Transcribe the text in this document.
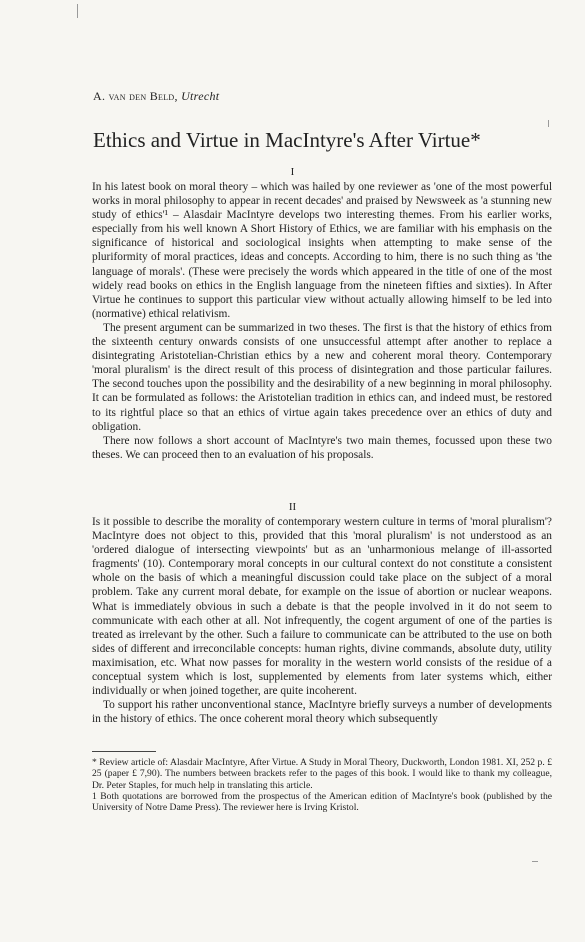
A. van den Beld, Utrecht
Ethics and Virtue in MacIntyre's After Virtue*
I

In his latest book on moral theory – which was hailed by one reviewer as 'one of the most powerful works in moral philosophy to appear in recent decades' and praised by Newsweek as 'a stunning new study of ethics'¹ – Alasdair MacIntyre develops two interesting themes. From his earlier works, especially from his well known A Short History of Ethics, we are familiar with his emphasis on the significance of historical and sociological insights when attempting to make sense of the pluriformity of moral practices, ideas and concepts. According to him, there is no such thing as 'the language of morals'. (These were precisely the words which appeared in the title of one of the most widely read books on ethics in the English language from the nineteen fifties and sixties). In After Virtue he continues to support this particular view without actually allowing himself to be led into (normative) ethical relativism.

The present argument can be summarized in two theses. The first is that the history of ethics from the sixteenth century onwards consists of one unsuccessful attempt after another to replace a disintegrating Aristotelian-Christian ethics by a new and coherent moral theory. Contemporary 'moral pluralism' is the direct result of this process of disintegration and those particular failures. The second touches upon the possibility and the desirability of a new beginning in moral philosophy. It can be formulated as follows: the Aristotelian tradition in ethics can, and indeed must, be restored to its rightful place so that an ethics of virtue again takes precedence over an ethics of duty and obligation.

There now follows a short account of MacIntyre's two main themes, focussed upon these two theses. We can proceed then to an evaluation of his proposals.

II

Is it possible to describe the morality of contemporary western culture in terms of 'moral pluralism'? MacIntyre does not object to this, provided that this 'moral pluralism' is not understood as an 'ordered dialogue of intersecting viewpoints' but as an 'unharmonious melange of ill-assorted fragments' (10). Contemporary moral concepts in our cultural context do not constitute a consistent whole on the basis of which a meaningful discussion could take place on the subject of a moral problem. Take any current moral debate, for example on the issue of abortion or nuclear weapons. What is immediately obvious in such a debate is that the people involved in it do not seem to communicate with each other at all. Not infrequently, the cogent argument of one of the parties is treated as irrelevant by the other. Such a failure to communicate can be attributed to the use on both sides of different and irreconcilable concepts: human rights, divine commands, absolute duty, utility maximisation, etc. What now passes for morality in the western world consists of the residue of a conceptual system which is lost, supplemented by elements from later systems which, either individually or when joined together, are quite incoherent.

To support his rather unconventional stance, MacIntyre briefly surveys a number of developments in the history of ethics. The once coherent moral theory which subsequently

* Review article of: Alasdair MacIntyre, After Virtue. A Study in Moral Theory, Duckworth, London 1981. XI, 252 p. £ 25 (paper £ 7,90). The numbers between brackets refer to the pages of this book. I would like to thank my colleague, Dr. Peter Staples, for much help in translating this article.

1 Both quotations are borrowed from the prospectus of the American edition of MacIntyre's book (published by the University of Notre Dame Press). The reviewer here is Irving Kristol.
